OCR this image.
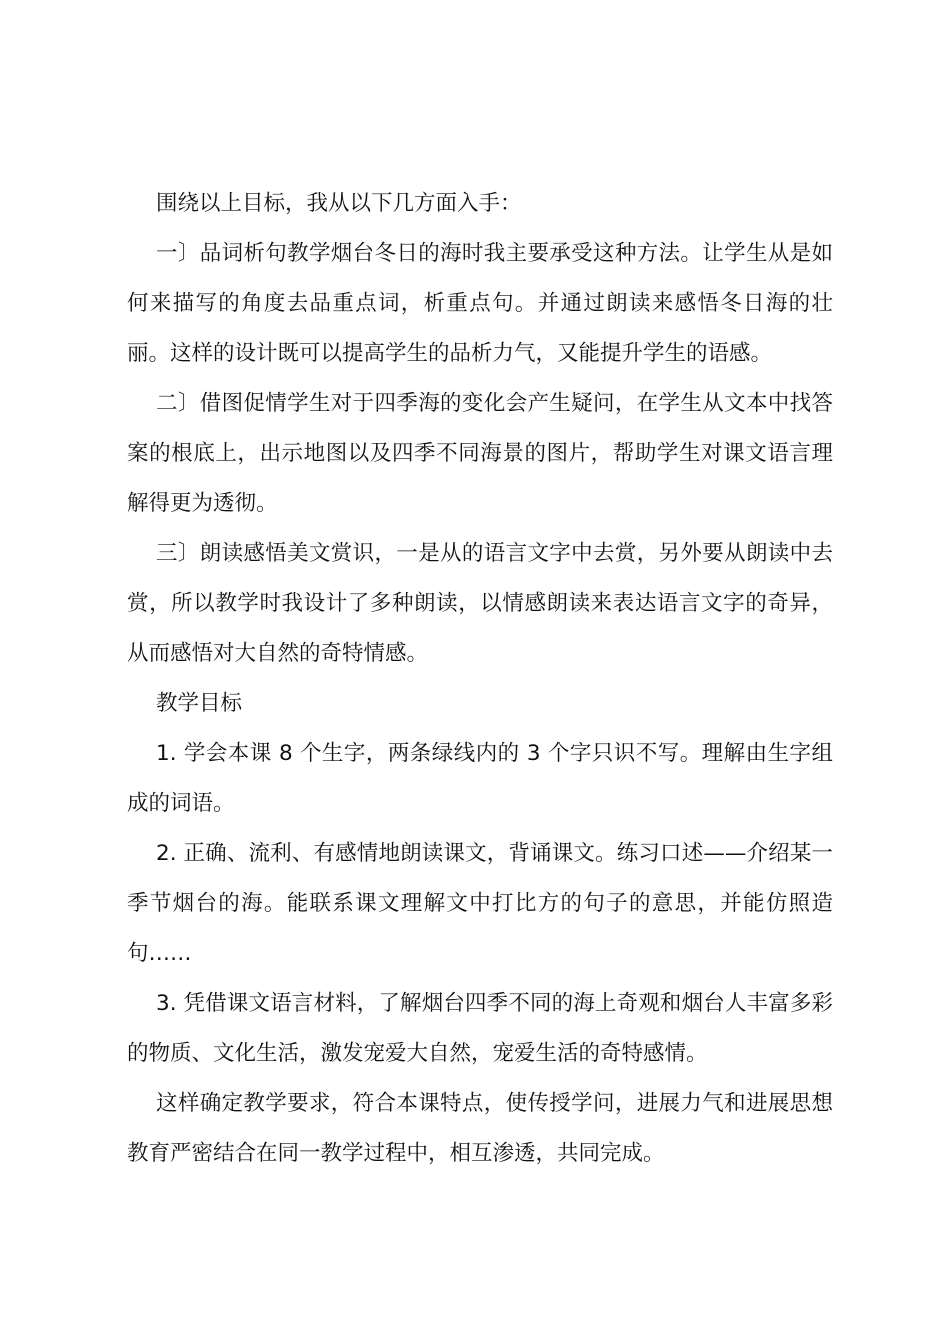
围绕以上目标，我从以下几方面入手：

一〕品词析句教学烟台冬日的海时我主要承受这种方法。让学生从是如何来描写的角度去品重点词，析重点句。并通过朗读来感悟冬日海的壮丽。这样的设计既可以提高学生的品析力气，又能提升学生的语感。

二〕借图促情学生对于四季海的变化会产生疑问，在学生从文本中找答案的根底上，出示地图以及四季不同海景的图片，帮助学生对课文语言理解得更为透彻。

三〕朗读感悟美文赏识，一是从的语言文字中去赏，另外要从朗读中去赏，所以教学时我设计了多种朗读，以情感朗读来表达语言文字的奇异，从而感悟对大自然的奇特情感。

教学目标

1. 学会本课 8 个生字，两条绿线内的 3 个字只识不写。理解由生字组成的词语。

2. 正确、流利、有感情地朗读课文，背诵课文。练习口述——介绍某一季节烟台的海。能联系课文理解文中打比方的句子的意思，并能仿照造句……

3. 凭借课文语言材料，了解烟台四季不同的海上奇观和烟台人丰富多彩的物质、文化生活，激发宠爱大自然，宠爱生活的奇特感情。

这样确定教学要求，符合本课特点，使传授学问，进展力气和进展思想教育严密结合在同一教学过程中，相互渗透，共同完成。
